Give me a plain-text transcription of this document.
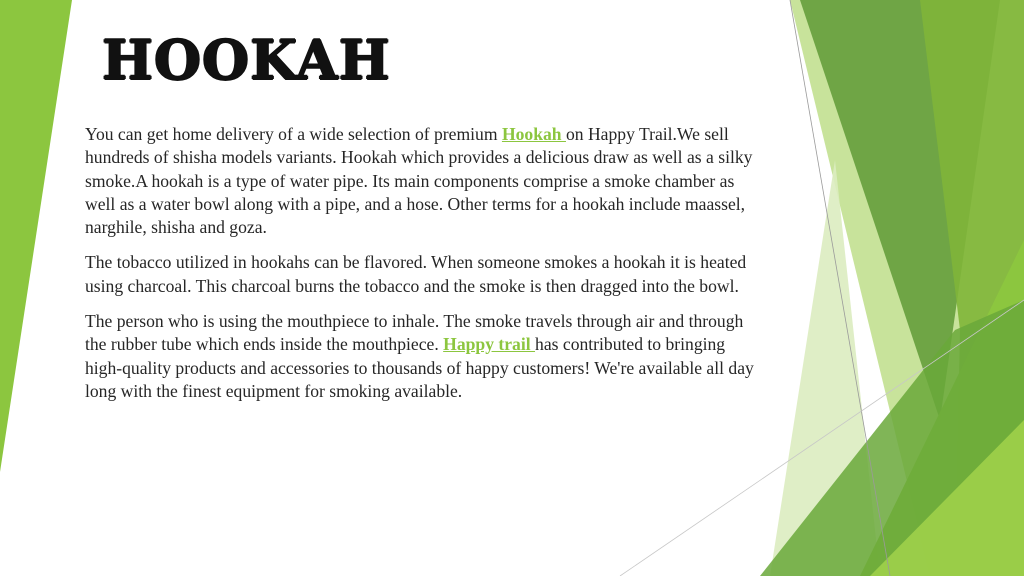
HOOKAH

You can get home delivery of a wide selection of premium Hookah on Happy Trail.We sell hundreds of shisha models variants. Hookah which provides a delicious draw as well as a silky smoke.A hookah is a type of water pipe. Its main components comprise a smoke chamber as well as a water bowl along with a pipe, and a hose. Other terms for a hookah include maassel, narghile, shisha and goza.

The tobacco utilized in hookahs can be flavored. When someone smokes a hookah it is heated using charcoal. This charcoal burns the tobacco and the smoke is then dragged into the bowl.

The person who is using the mouthpiece to inhale. The smoke travels through air and through the rubber tube which ends inside the mouthpiece. Happy trail has contributed to bringing high-quality products and accessories to thousands of happy customers! We're available all day long with the finest equipment for smoking available.
